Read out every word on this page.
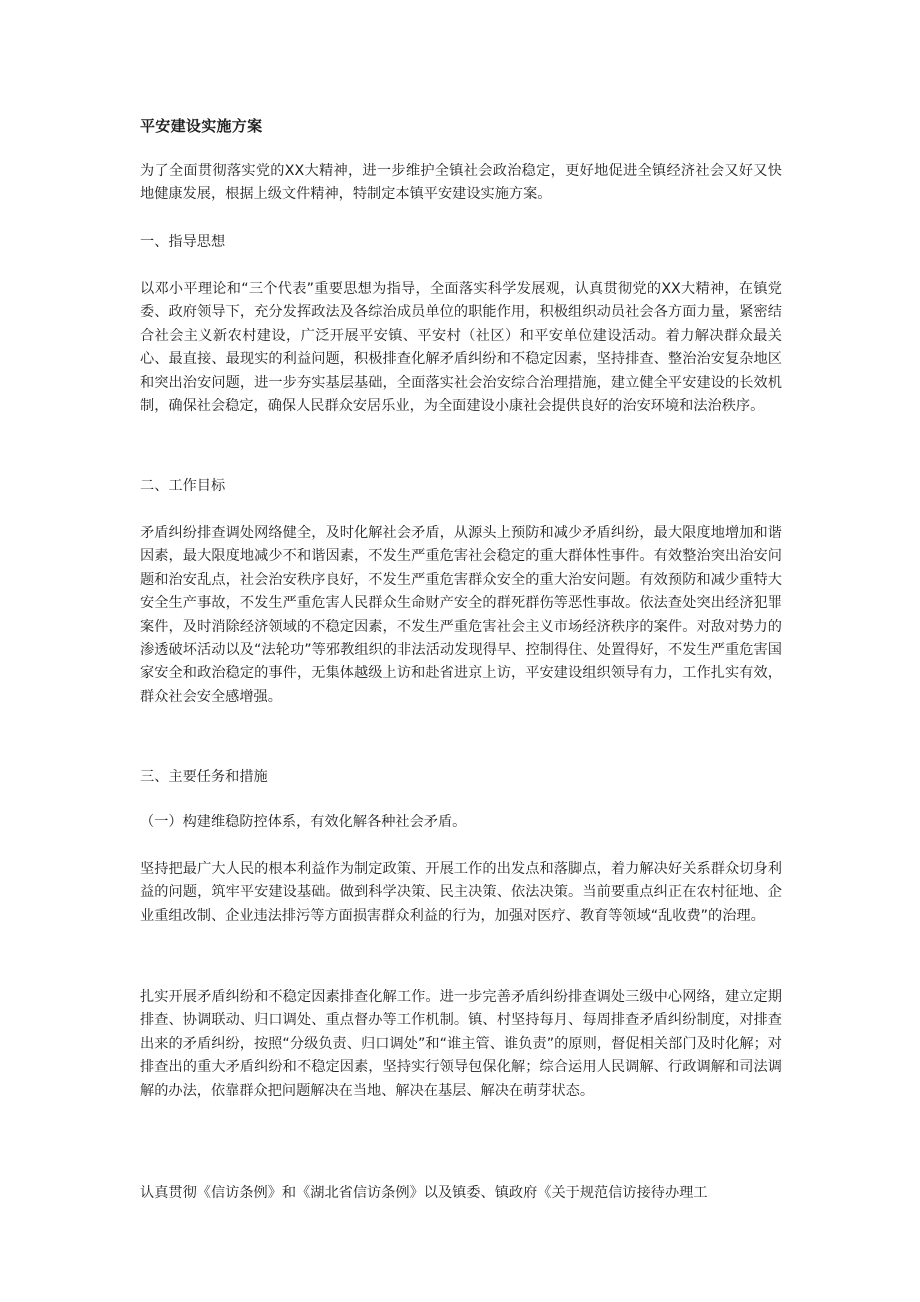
平安建设实施方案
为了全面贯彻落实党的XX大精神，进一步维护全镇社会政治稳定，更好地促进全镇经济社会又好又快地健康发展，根据上级文件精神，特制定本镇平安建设实施方案。
一、指导思想
以邓小平理论和“三个代表”重要思想为指导，全面落实科学发展观，认真贯彻党的XX大精神，在镇党委、政府领导下，充分发挥政法及各综治成员单位的职能作用，积极组织动员社会各方面力量，紧密结合社会主义新农村建设，广泛开展平安镇、平安村（社区）和平安单位建设活动。着力解决群众最关心、最直接、最现实的利益问题，积极排查化解矛盾纠纷和不稳定因素，坚持排查、整治治安复杂地区和突出治安问题，进一步夯实基层基础，全面落实社会治安综合治理措施，建立健全平安建设的长效机制，确保社会稳定，确保人民群众安居乐业，为全面建设小康社会提供良好的治安环境和法治秩序。
二、工作目标
矛盾纠纷排查调处网络健全，及时化解社会矛盾，从源头上预防和减少矛盾纠纷，最大限度地增加和谐因素，最大限度地减少不和谐因素，不发生严重危害社会稳定的重大群体性事件。有效整治突出治安问题和治安乱点，社会治安秩序良好，不发生严重危害群众安全的重大治安问题。有效预防和减少重特大安全生产事故，不发生严重危害人民群众生命财产安全的群死群伤等恶性事故。依法查处突出经济犯罪案件，及时消除经济领域的不稳定因素，不发生严重危害社会主义市场经济秩序的案件。对敌对势力的渗透破坏活动以及“法轮功”等邪教组织的非法活动发现得早、控制得住、处置得好，不发生严重危害国家安全和政治稳定的事件，无集体越级上访和赴省进京上访，平安建设组织领导有力，工作扎实有效，群众社会安全感增强。
三、主要任务和措施
（一）构建维稳防控体系，有效化解各种社会矛盾。
坚持把最广大人民的根本利益作为制定政策、开展工作的出发点和落脚点，着力解决好关系群众切身利益的问题，筑牢平安建设基础。做到科学决策、民主决策、依法决策。当前要重点纠正在农村征地、企业重组改制、企业违法排污等方面损害群众利益的行为，加强对医疗、教育等领域“乱收费”的治理。
扎实开展矛盾纠纷和不稳定因素排查化解工作。进一步完善矛盾纠纷排查调处三级中心网络，建立定期排查、协调联动、归口调处、重点督办等工作机制。镇、村坚持每月、每周排查矛盾纠纷制度，对排查出来的矛盾纠纷，按照“分级负责、归口调处”和“谁主管、谁负责”的原则，督促相关部门及时化解；对排查出的重大矛盾纠纷和不稳定因素，坚持实行领导包保化解；综合运用人民调解、行政调解和司法调解的办法，依靠群众把问题解决在当地、解决在基层、解决在萌芽状态。
认真贯彻《信访条例》和《湖北省信访条例》以及镇委、镇政府《关于规范信访接待办理工
